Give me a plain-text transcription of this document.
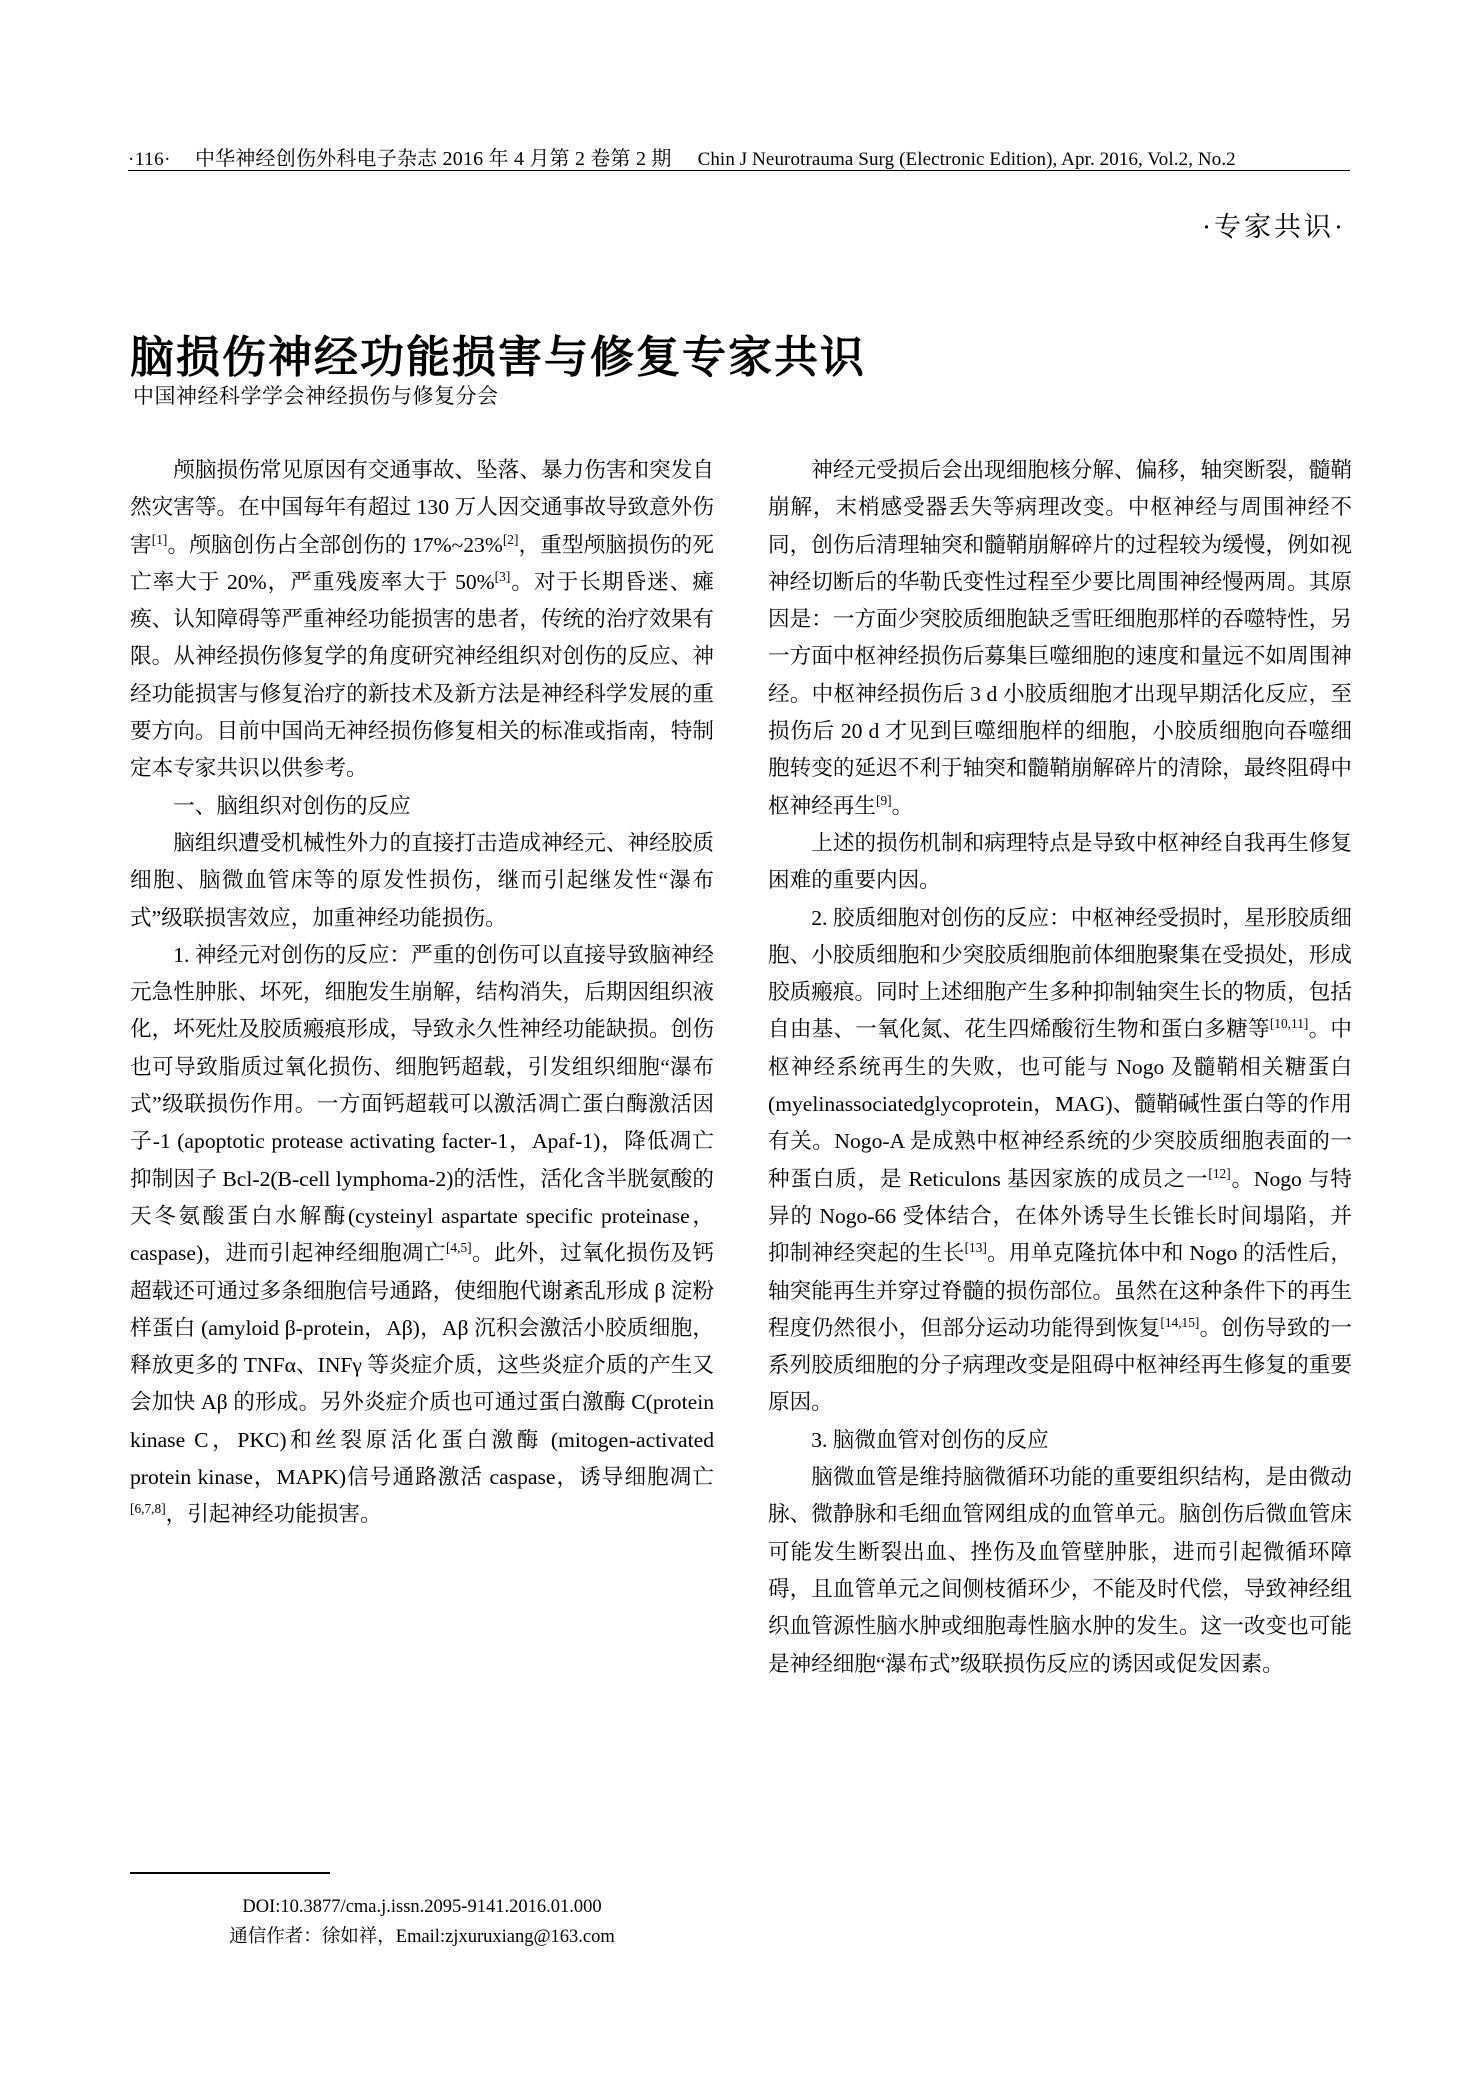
·116· 中华神经创伤外科电子杂志 2016 年 4 月第 2 卷第 2 期 Chin J Neurotrauma Surg (Electronic Edition), Apr. 2016, Vol.2, No.2
·专家共识·
脑损伤神经功能损害与修复专家共识
中国神经科学学会神经损伤与修复分会

颅脑损伤常见原因有交通事故、坠落、暴力伤害和突发自然灾害等。在中国每年有超过 130 万人因交通事故导致意外伤害[1]。颅脑创伤占全部创伤的 17%~23%[2]，重型颅脑损伤的死亡率大于 20%，严重残废率大于 50%[3]。对于长期昏迷、瘫痪、认知障碍等严重神经功能损害的患者，传统的治疗效果有限。从神经损伤修复学的角度研究神经组织对创伤的反应、神经功能损害与修复治疗的新技术及新方法是神经科学发展的重要方向。目前中国尚无神经损伤修复相关的标准或指南，特制定本专家共识以供参考。

一、脑组织对创伤的反应

脑组织遭受机械性外力的直接打击造成神经元、神经胶质细胞、脑微血管床等的原发性损伤，继而引起继发性“瀑布式”级联损害效应，加重神经功能损伤。

1. 神经元对创伤的反应：严重的创伤可以直接导致脑神经元急性肿胀、坏死，细胞发生崩解，结构消失，后期因组织液化，坏死灶及胶质瘢痕形成，导致永久性神经功能缺损。创伤也可导致脂质过氧化损伤、细胞钙超载，引发组织细胞“瀑布式”级联损伤作用。一方面钙超载可以激活凋亡蛋白酶激活因子-1 (apoptotic protease activating facter-1，Apaf-1)，降低凋亡抑制因子 Bcl-2(B-cell lymphoma-2)的活性，活化含半胱氨酸的天冬氨酸蛋白水解酶(cysteinyl aspartate specific proteinase，caspase)，进而引起神经细胞凋亡[4,5]。此外，过氧化损伤及钙超载还可通过多条细胞信号通路，使细胞代谢紊乱形成 β 淀粉样蛋白 (amyloid β-protein，Aβ)，Aβ 沉积会激活小胶质细胞，释放更多的 TNFα、INFγ 等炎症介质，这些炎症介质的产生又会加快 Aβ 的形成。另外炎症介质也可通过蛋白激酶 C(protein kinase C，PKC)和丝裂原活化蛋白激酶 (mitogen-activated protein kinase，MAPK)信号通路激活 caspase，诱导细胞凋亡[6,7,8]，引起神经功能损害。

神经元受损后会出现细胞核分解、偏移，轴突断裂，髓鞘崩解，末梢感受器丢失等病理改变。中枢神经与周围神经不同，创伤后清理轴突和髓鞘崩解碎片的过程较为缓慢，例如视神经切断后的华勒氏变性过程至少要比周围神经慢两周。其原因是：一方面少突胶质细胞缺乏雪旺细胞那样的吞噬特性，另一方面中枢神经损伤后募集巨噬细胞的速度和量远不如周围神经。中枢神经损伤后 3 d 小胶质细胞才出现早期活化反应，至损伤后 20 d 才见到巨噬细胞样的细胞，小胶质细胞向吞噬细胞转变的延迟不利于轴突和髓鞘崩解碎片的清除，最终阻碍中枢神经再生[9]。

上述的损伤机制和病理特点是导致中枢神经自我再生修复困难的重要内因。

2. 胶质细胞对创伤的反应：中枢神经受损时，星形胶质细胞、小胶质细胞和少突胶质细胞前体细胞聚集在受损处，形成胶质瘢痕。同时上述细胞产生多种抑制轴突生长的物质，包括自由基、一氧化氮、花生四烯酸衍生物和蛋白多糖等[10,11]。中枢神经系统再生的失败，也可能与 Nogo 及髓鞘相关糖蛋白(myelinassociatedglycoprotein，MAG)、髓鞘碱性蛋白等的作用有关。Nogo-A 是成熟中枢神经系统的少突胶质细胞表面的一种蛋白质，是 Reticulons 基因家族的成员之一[12]。Nogo 与特异的 Nogo-66 受体结合，在体外诱导生长锥长时间塌陷，并抑制神经突起的生长[13]。用单克隆抗体中和 Nogo 的活性后，轴突能再生并穿过脊髓的损伤部位。虽然在这种条件下的再生程度仍然很小，但部分运动功能得到恢复[14,15]。创伤导致的一系列胶质细胞的分子病理改变是阻碍中枢神经再生修复的重要原因。

3. 脑微血管对创伤的反应

脑微血管是维持脑微循环功能的重要组织结构，是由微动脉、微静脉和毛细血管网组成的血管单元。脑创伤后微血管床可能发生断裂出血、挫伤及血管壁肿胀，进而引起微循环障碍，且血管单元之间侧枝循环少，不能及时代偿，导致神经组织血管源性脑水肿或细胞毒性脑水肿的发生。这一改变也可能是神经细胞“瀑布式”级联损伤反应的诱因或促发因素。

DOI:10.3877/cma.j.issn.2095-9141.2016.01.000
通信作者：徐如祥，Email:zjxuruxiang@163.com
